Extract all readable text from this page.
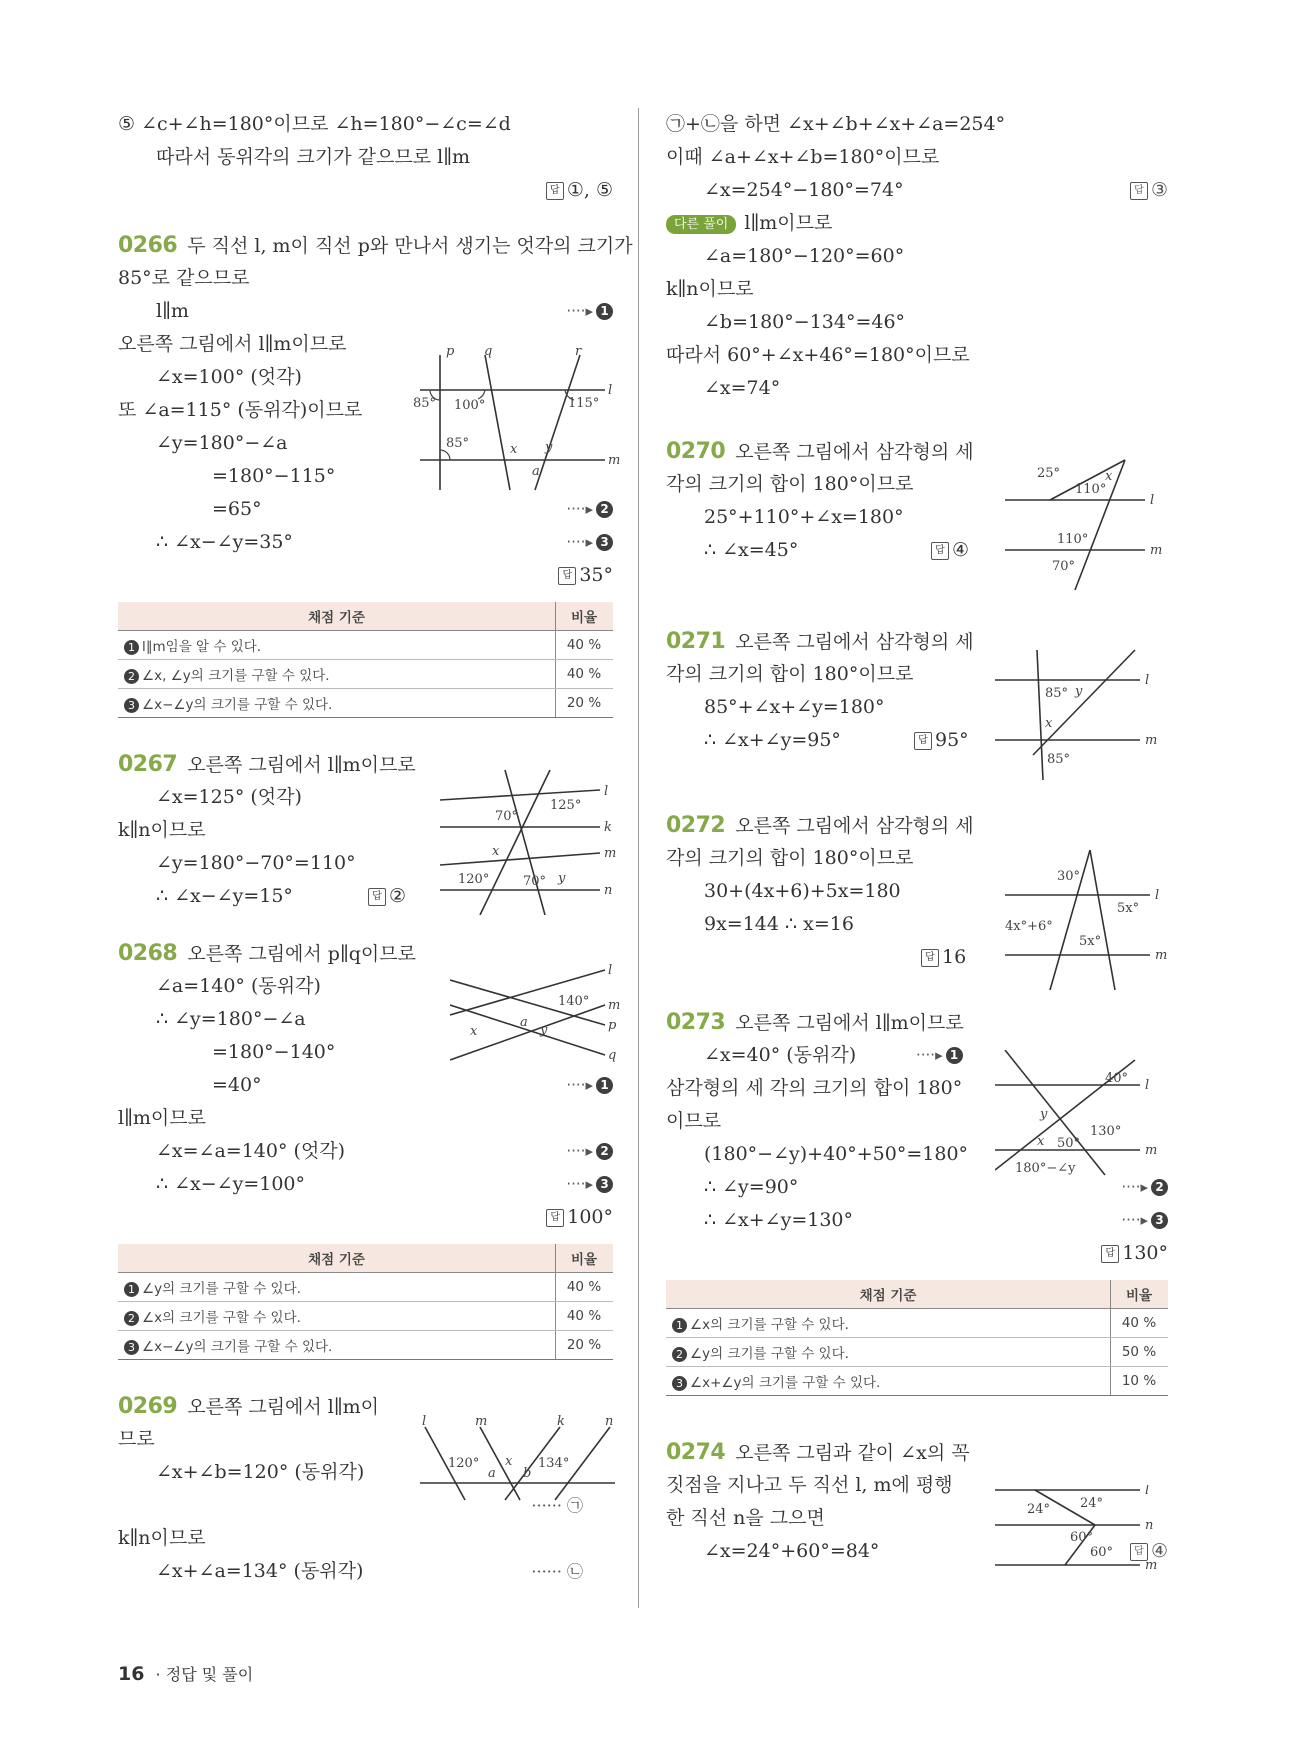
⑤ ∠c+∠h=180°이므로 ∠h=180°−∠c=∠d
따라서 동위각의 크기가 같으므로 l∥m
답 ①, ⑤
0266 두 직선 l, m이 직선 p와 만나서 생기는 엇각의 크기가
85°로 같으므로
l∥m	····▸ 1
오른쪽 그림에서 l∥m이므로
∠x=100° (엇각)
또 ∠a=115° (동위각)이므로
∠y=180°−∠a
=180°−115°
=65°	····▸ 2
∴ ∠x−∠y=35°	····▸ 3
답 35°
채점 기준	비율
1 l∥m임을 알 수 있다.	40 %
2 ∠x, ∠y의 크기를 구할 수 있다.	40 %
3 ∠x−∠y의 크기를 구할 수 있다.	20 %
0267 오른쪽 그림에서 l∥m이므로
∠x=125° (엇각)
k∥n이므로
∠y=180°−70°=110°
∴ ∠x−∠y=15°	답 ②
0268 오른쪽 그림에서 p∥q이므로
∠a=140° (동위각)
∴ ∠y=180°−∠a
=180°−140°
=40°	····▸ 1
l∥m이므로
∠x=∠a=140° (엇각)	····▸ 2
∴ ∠x−∠y=100°	····▸ 3
답 100°
채점 기준	비율
1 ∠y의 크기를 구할 수 있다.	40 %
2 ∠x의 크기를 구할 수 있다.	40 %
3 ∠x−∠y의 크기를 구할 수 있다.	20 %
0269 오른쪽 그림에서 l∥m이
므로
∠x+∠b=120° (동위각)
······ ㉠
k∥n이므로
∠x+∠a=134° (동위각)	······ ㉡
㉠+㉡을 하면 ∠x+∠b+∠x+∠a=254°
이때 ∠a+∠x+∠b=180°이므로
∠x=254°−180°=74°	답 ③
다른 풀이 l∥m이므로
∠a=180°−120°=60°
k∥n이므로
∠b=180°−134°=46°
따라서 60°+∠x+46°=180°이므로
∠x=74°
0270 오른쪽 그림에서 삼각형의 세
각의 크기의 합이 180°이므로
25°+110°+∠x=180°
∴ ∠x=45°	답 ④
0271 오른쪽 그림에서 삼각형의 세
각의 크기의 합이 180°이므로
85°+∠x+∠y=180°
∴ ∠x+∠y=95°	답 95°
0272 오른쪽 그림에서 삼각형의 세
각의 크기의 합이 180°이므로
30+(4x+6)+5x=180
9x=144 ∴ x=16
답 16
0273 오른쪽 그림에서 l∥m이므로
∠x=40° (동위각)	····▸ 1
삼각형의 세 각의 크기의 합이 180°
이므로
(180°−∠y)+40°+50°=180°
∴ ∠y=90°	····▸ 2
∴ ∠x+∠y=130°	····▸ 3
답 130°
채점 기준	비율
1 ∠x의 크기를 구할 수 있다.	40 %
2 ∠y의 크기를 구할 수 있다.	50 %
3 ∠x+∠y의 크기를 구할 수 있다.	10 %
0274 오른쪽 그림과 같이 ∠x의 꼭
짓점을 지나고 두 직선 l, m에 평행
한 직선 n을 그으면
∠x=24°+60°=84°	답 ④
p q	r
l
m
85° 100°	115°
85°	x y
a
l
k
m
n
70°
125°
x
120°	70° y
l
m
p
q
140°
a
x	y
l	m	k	n
120°	134°
x
a b
25°
110°
x
l
110°
70°
m
85° y
l
x
85°
m
30°
l
5x°
4x°+6°
5x°
m
40° l
y
130°
x 50°	m
180°−∠y
l
24° 24°
n
60°
60°
m
16 · 정답 및 풀이
